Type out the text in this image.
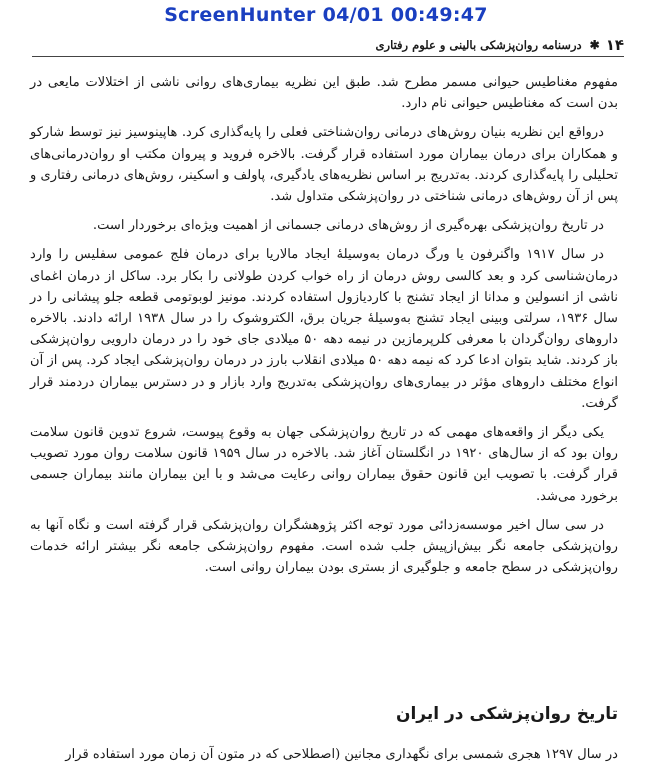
ScreenHunter 04/01 00:49:47
۱۴
✱
درسنامه روان‌پزشکی بالینی و علوم رفتاری

مفهوم مغناطیس حیوانی مسمر مطرح شد. طبق این نظریه بیماری‌های روانی ناشی از اختلالات مایعی در بدن است که مغناطیس حیوانی نام دارد.

درواقع این نظریه بنیان روش‌های درمانی روان‌شناختی فعلی را پایه‌گذاری کرد. هاپینوسیز نیز توسط شارکو و همکاران برای درمان بیماران مورد استفاده قرار گرفت. بالاخره فروید و پیروان مکتب او روان‌درمانی‌های تحلیلی را پایه‌گذاری کردند. به‌تدریج بر اساس نظریه‌های یادگیری، پاولف و اسکینر، روش‌های درمانی رفتاری و پس از آن روش‌های درمانی شناختی در روان‌پزشکی متداول شد.

در تاریخ روان‌پزشکی بهره‌گیری از روش‌های درمانی جسمانی از اهمیت ویژه‌ای برخوردار است.

در سال ۱۹۱۷ واگنرفون یا ورگ درمان به‌وسیلهٔ ایجاد مالاریا برای درمان فلج عمومی سفلیس را وارد درمان‌شناسی کرد و بعد کالسی روش درمان از راه خواب کردن طولانی را بکار برد. ساکل از درمان اغمای ناشی از انسولین و مدانا از ایجاد تشنج با کاردیازول استفاده کردند. مونیز لوبوتومی قطعه جلو پیشانی را در سال ۱۹۳۶، سرلتی وبینی ایجاد تشنج به‌وسیلهٔ جریان برق، الکتروشوک را در سال ۱۹۳۸ ارائه دادند. بالاخره داروهای روان‌گردان با معرفی کلرپرمازین در نیمه دهه ۵۰ میلادی جای خود را در درمان دارویی روان‌پزشکی باز کردند. شاید بتوان ادعا کرد که نیمه دهه ۵۰ میلادی انقلاب بارز در درمان روان‌پزشکی ایجاد کرد. پس از آن انواع مختلف داروهای مؤثر در بیماری‌های روان‌پزشکی به‌تدریج وارد بازار و در دسترس بیماران دردمند قرار گرفت.

یکی دیگر از واقعه‌های مهمی که در تاریخ روان‌پزشکی جهان به وقوع پیوست، شروع تدوین قانون سلامت روان بود که از سال‌های ۱۹۲۰ در انگلستان آغاز شد. بالاخره در سال ۱۹۵۹ قانون سلامت روان مورد تصویب قرار گرفت. با تصویب این قانون حقوق بیماران روانی رعایت می‌شد و با این بیماران مانند بیماران جسمی برخورد می‌شد.

در سی سال اخیر موسسه‌زدائی مورد توجه اکثر پژوهشگران روان‌پزشکی قرار گرفته است و نگاه آنها به روان‌پزشکی جامعه نگر بیش‌ازپیش جلب شده است. مفهوم روان‌پزشکی جامعه نگر بیشتر ارائه خدمات روان‌پزشکی در سطح جامعه و جلوگیری از بستری بودن بیماران روانی است.

تاریخ روان‌پزشکی در ایران
در سال ۱۲۹۷ هجری شمسی برای نگهداری مجانین (اصطلاحی که در متون آن زمان مورد استفاده قرار
